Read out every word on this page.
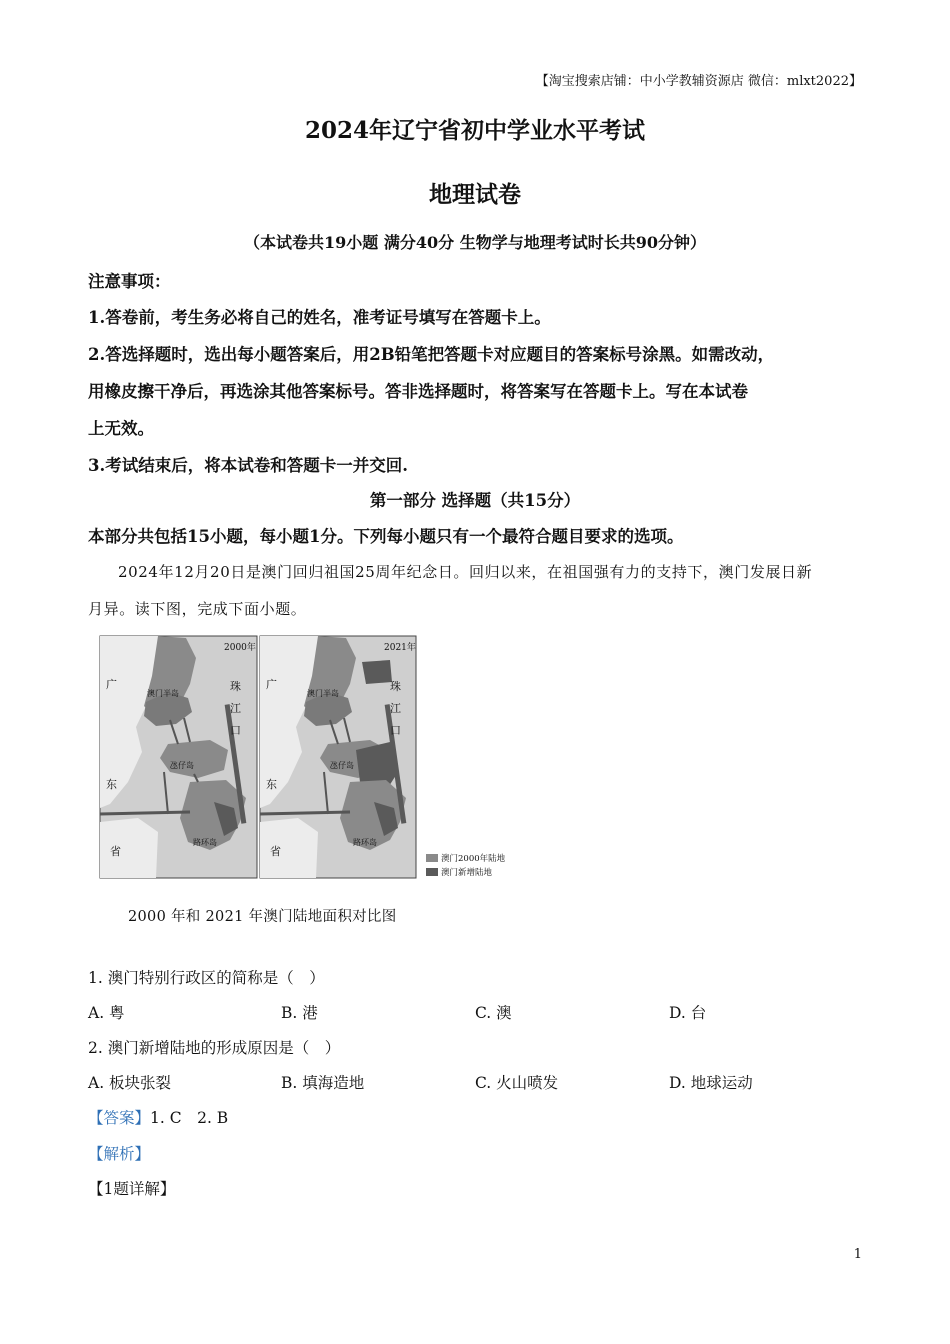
【淘宝搜索店铺：中小学教辅资源店 微信：mlxt2022】
2024年辽宁省初中学业水平考试
地理试卷
（本试卷共19小题 满分40分 生物学与地理考试时长共90分钟）
注意事项：
1.答卷前，考生务必将自己的姓名，准考证号填写在答题卡上。
2.答选择题时，选出每小题答案后，用2B铅笔把答题卡对应题目的答案标号涂黑。如需改动，
用橡皮擦干净后，再选涂其他答案标号。答非选择题时，将答案写在答题卡上。写在本试卷
上无效。
3.考试结束后，将本试卷和答题卡一并交回.
第一部分 选择题（共15分）
本部分共包括15小题，每小题1分。下列每小题只有一个最符合题目要求的选项。
2024年12月20日是澳门回归祖国25周年纪念日。回归以来，在祖国强有力的支持下，澳门发展日新
月异。读下图，完成下面小题。
2000年	2021年
广
东
省
珠
江
口
澳门半岛
氹仔岛
路环岛
广
东
省
珠
江
口
澳门半岛
氹仔岛
路环岛
澳门2000年陆地
澳门新增陆地
2000 年和 2021 年澳门陆地面积对比图
1. 澳门特别行政区的简称是（　）
A. 粤	B. 港	C. 澳	D. 台
2. 澳门新增陆地的形成原因是（　）
A. 板块张裂	B. 填海造地	C. 火山喷发	D. 地球运动
【答案】1. C　2. B
【解析】
【1题详解】
1
